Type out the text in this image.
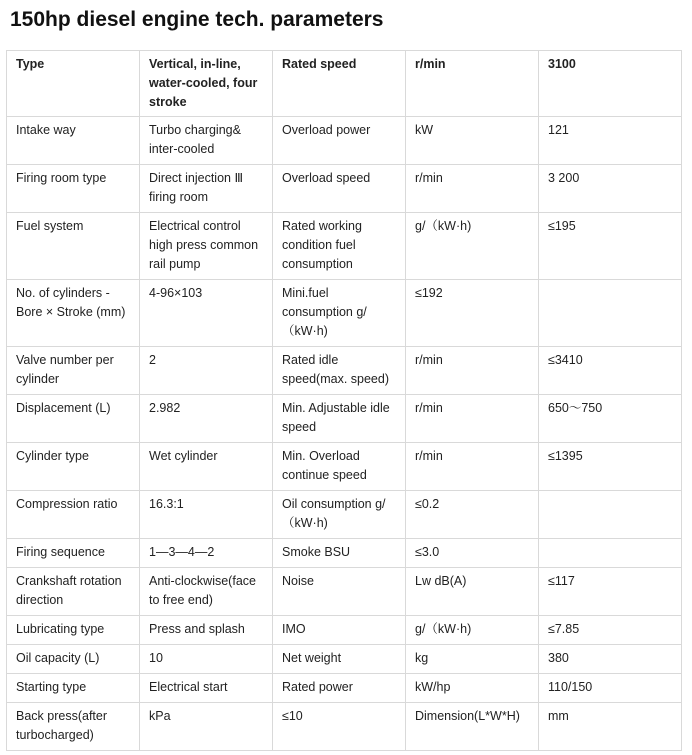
150hp diesel engine tech. parameters
Type	Vertical, in-line, water-cooled, four stroke	Rated speed	r/min	3100
Intake way	Turbo charging& inter-cooled	Overload power	kW	121
Firing room type	Direct injection Ⅲ firing room	Overload speed	r/min	3 200
Fuel system	Electrical control high press common rail pump	Rated working condition fuel consumption	g/（kW·h)	≤195
No. of cylinders - Bore × Stroke (mm)	4-96×103	Mini.fuel consumption g/（kW·h)	≤192	
Valve number per cylinder	2	Rated idle speed(max. speed)	r/min	≤3410
Displacement (L)	2.982	Min. Adjustable idle speed	r/min	650～750
Cylinder type	Wet cylinder	Min. Overload continue speed	r/min	≤1395
Compression ratio	16.3:1	Oil consumption g/（kW·h)	≤0.2	
Firing sequence	1—3—4—2	Smoke BSU	≤3.0	
Crankshaft rotation direction	Anti-clockwise(face to free end)	Noise	Lw dB(A)	≤117
Lubricating type	Press and splash	IMO	g/（kW·h)	≤7.85
Oil capacity (L)	10	Net weight	kg	380
Starting type	Electrical start	Rated power	kW/hp	110/150
Back press(after turbocharged)	kPa	≤10	Dimension(L*W*H)	mm
